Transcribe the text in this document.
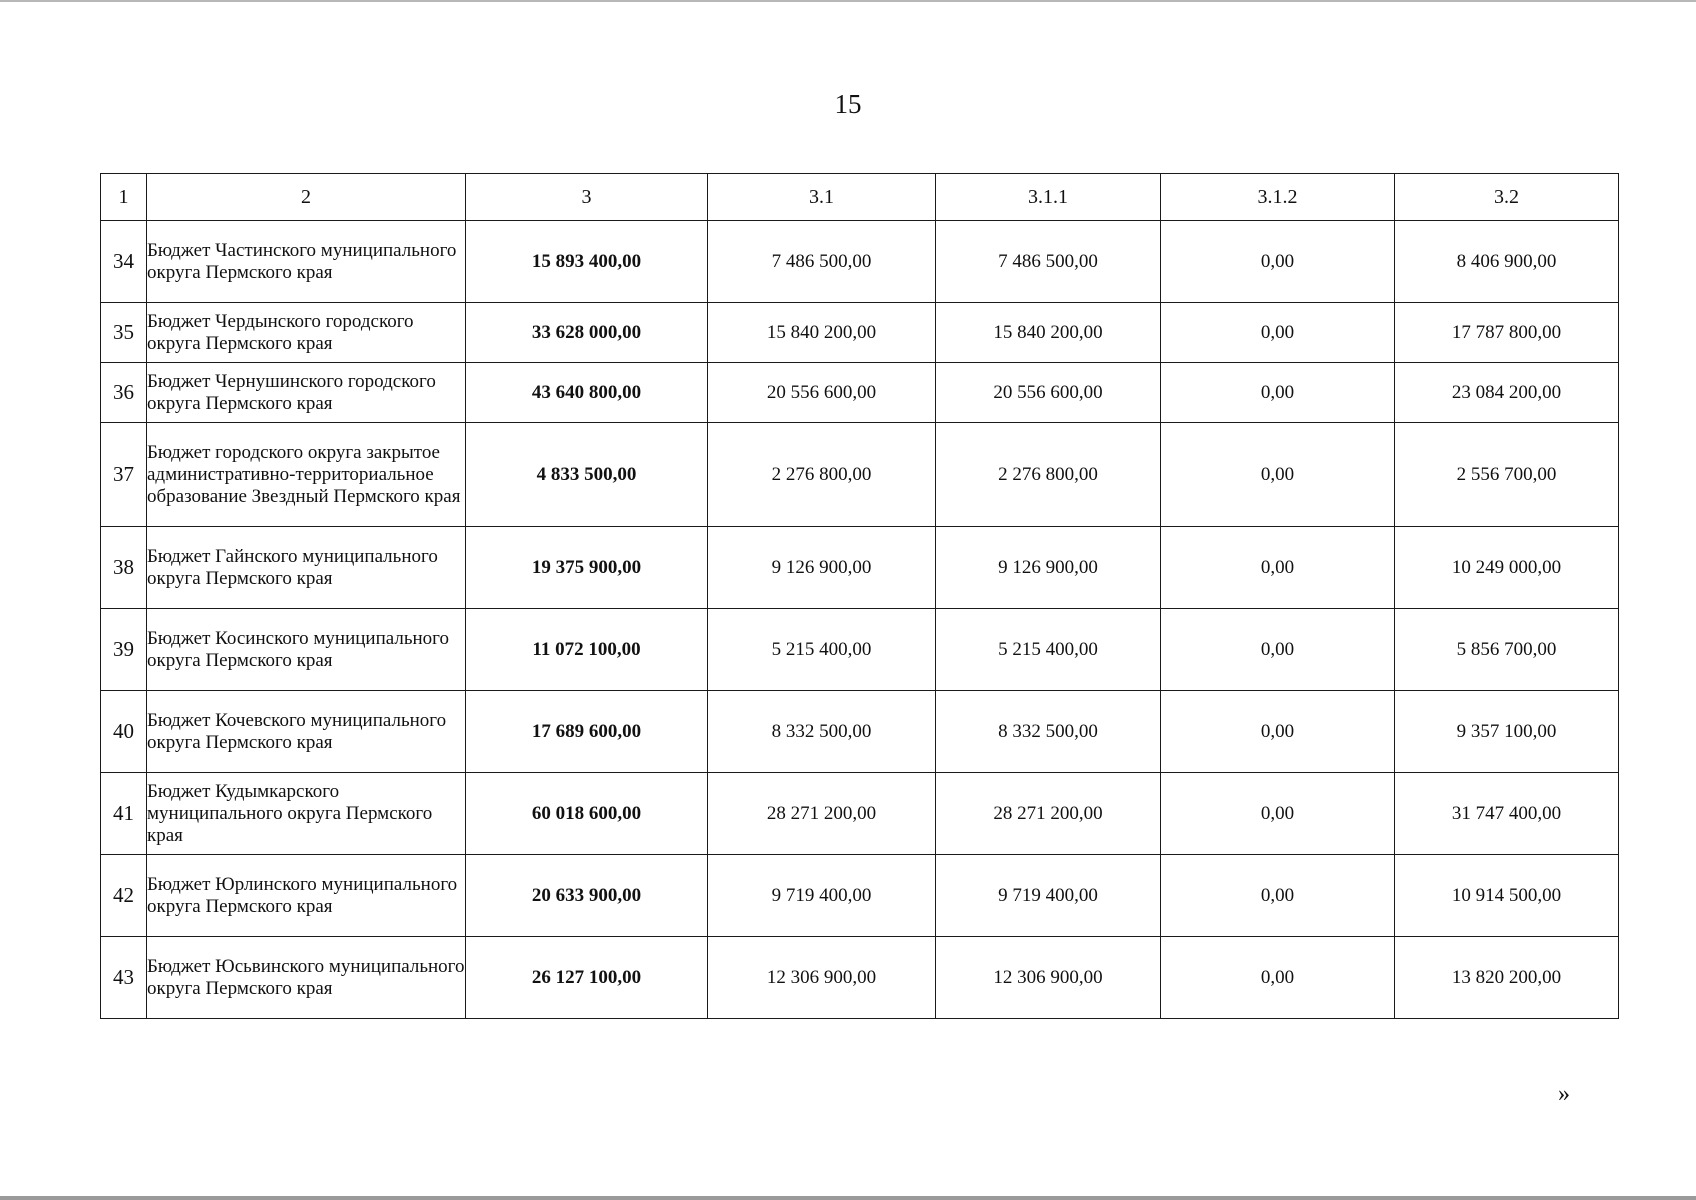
15
1	2	3	3.1	3.1.1	3.1.2	3.2
34	Бюджет Частинского муниципального округа Пермского края	15 893 400,00	7 486 500,00	7 486 500,00	0,00	8 406 900,00
35	Бюджет Чердынского городского округа Пермского края	33 628 000,00	15 840 200,00	15 840 200,00	0,00	17 787 800,00
36	Бюджет Чернушинского городского округа Пермского края	43 640 800,00	20 556 600,00	20 556 600,00	0,00	23 084 200,00
37	Бюджет городского округа закрытое административно-территориальное образование Звездный Пермского края	4 833 500,00	2 276 800,00	2 276 800,00	0,00	2 556 700,00
38	Бюджет Гайнского муниципального округа Пермского края	19 375 900,00	9 126 900,00	9 126 900,00	0,00	10 249 000,00
39	Бюджет Косинского муниципального округа Пермского края	11 072 100,00	5 215 400,00	5 215 400,00	0,00	5 856 700,00
40	Бюджет Кочевского муниципального округа Пермского края	17 689 600,00	8 332 500,00	8 332 500,00	0,00	9 357 100,00
41	Бюджет Кудымкарского муниципального округа Пермского края	60 018 600,00	28 271 200,00	28 271 200,00	0,00	31 747 400,00
42	Бюджет Юрлинского муниципального округа Пермского края	20 633 900,00	9 719 400,00	9 719 400,00	0,00	10 914 500,00
43	Бюджет Юсьвинского муниципального округа Пермского края	26 127 100,00	12 306 900,00	12 306 900,00	0,00	13 820 200,00
»
